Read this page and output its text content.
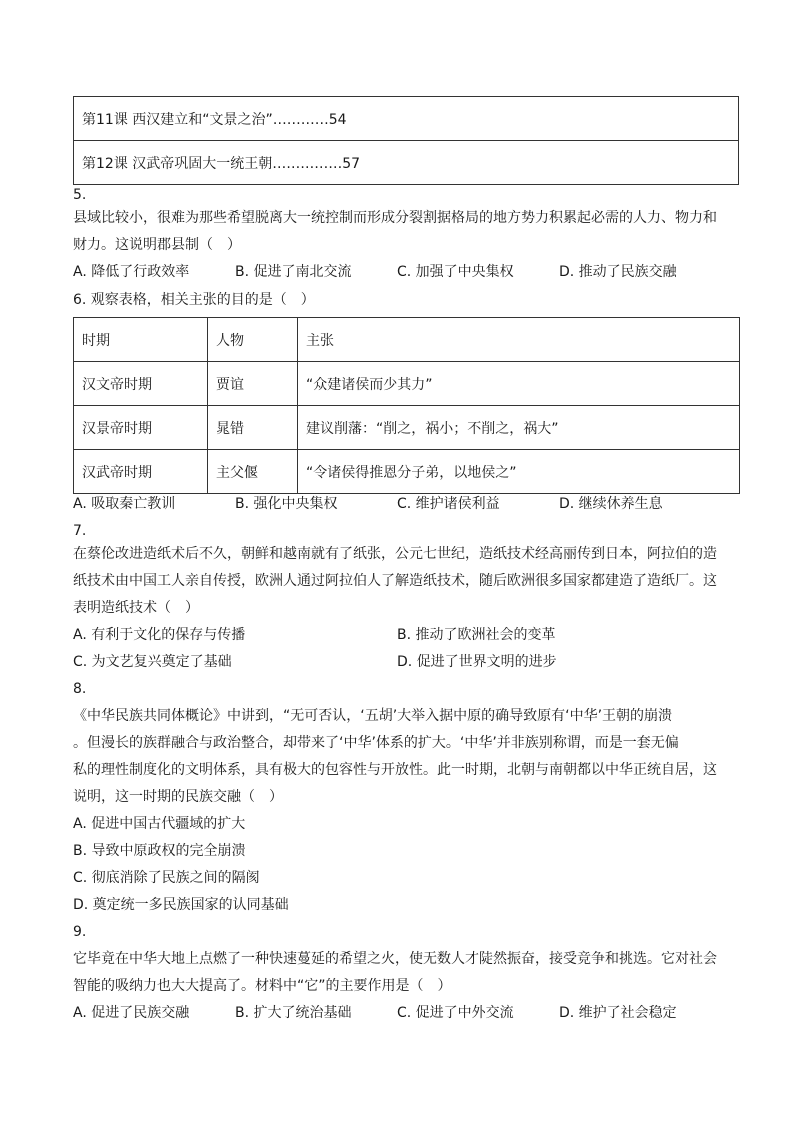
第11课 西汉建立和“文景之治”…………54
第12课 汉武帝巩固大一统王朝……………57
5.
县域比较小，很难为那些希望脱离大一统控制而形成分裂割据格局的地方势力积累起必需的人力、物力和
财力。这说明郡县制（　）
A. 降低了行政效率	B. 促进了南北交流	C. 加强了中央集权	D. 推动了民族交融
6. 观察表格，相关主张的目的是（　）
时期	人物	主张
汉文帝时期	贾谊	“众建诸侯而少其力”
汉景帝时期	晁错	建议削藩：“削之，祸小；不削之，祸大”
汉武帝时期	主父偃	“令诸侯得推恩分子弟，以地侯之”
A. 吸取秦亡教训	B. 强化中央集权	C. 维护诸侯利益	D. 继续休养生息
7.
在蔡伦改进造纸术后不久，朝鲜和越南就有了纸张，公元七世纪，造纸技术经高丽传到日本，阿拉伯的造
纸技术由中国工人亲自传授，欧洲人通过阿拉伯人了解造纸技术，随后欧洲很多国家都建造了造纸厂。这
表明造纸技术（　）
A. 有利于文化的保存与传播	B. 推动了欧洲社会的变革
C. 为文艺复兴奠定了基础	D. 促进了世界文明的进步
8.
《中华民族共同体概论》中讲到，“无可否认，‘五胡’大举入据中原的确导致原有‘中华’王朝的崩溃
。但漫长的族群融合与政治整合，却带来了‘中华’体系的扩大。‘中华’并非族别称谓，而是一套无偏
私的理性制度化的文明体系，具有极大的包容性与开放性。此一时期，北朝与南朝都以中华正统自居，这
说明，这一时期的民族交融（　）
A. 促进中国古代疆域的扩大
B. 导致中原政权的完全崩溃
C. 彻底消除了民族之间的隔阂
D. 奠定统一多民族国家的认同基础
9.
它毕竟在中华大地上点燃了一种快速蔓延的希望之火，使无数人才陡然振奋，接受竞争和挑选。它对社会
智能的吸纳力也大大提高了。材料中“它”的主要作用是（　）
A. 促进了民族交融	B. 扩大了统治基础	C. 促进了中外交流	D. 维护了社会稳定
